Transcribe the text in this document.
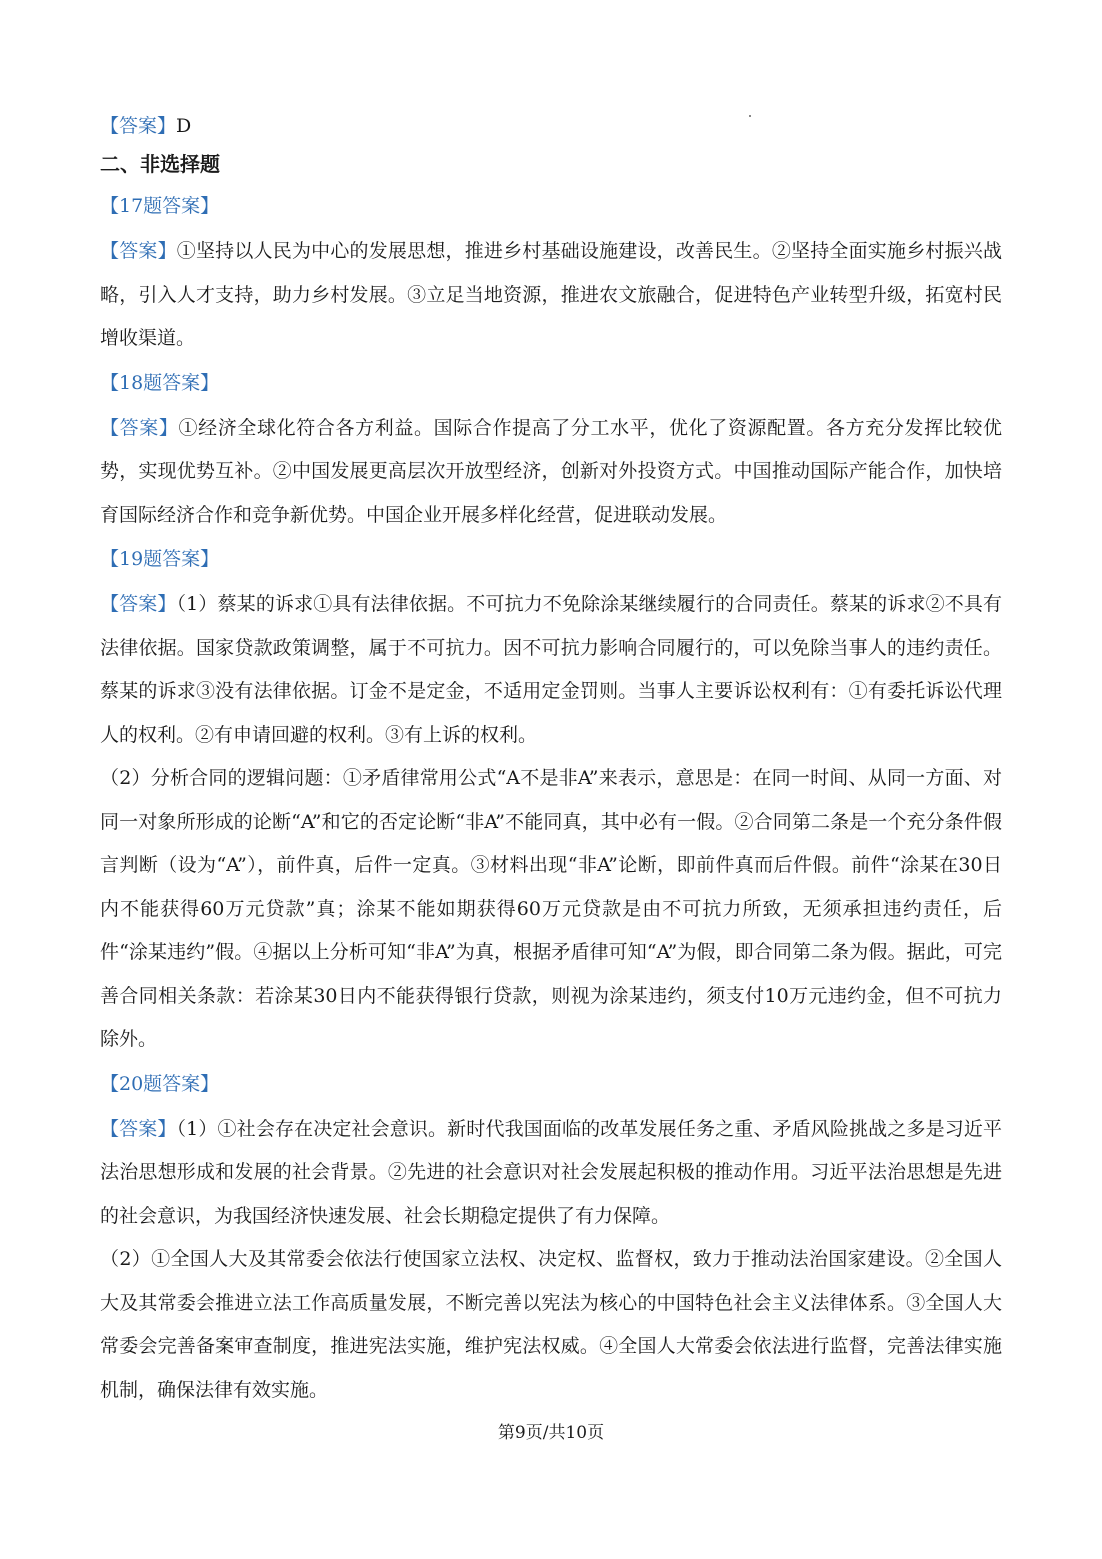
【答案】D

二、非选择题
【17题答案】

【答案】①坚持以人民为中心的发展思想，推进乡村基础设施建设，改善民生。②坚持全面实施乡村振兴战略，引入人才支持，助力乡村发展。③立足当地资源，推进农文旅融合，促进特色产业转型升级，拓宽村民增收渠道。

【18题答案】

【答案】①经济全球化符合各方利益。国际合作提高了分工水平，优化了资源配置。各方充分发挥比较优势，实现优势互补。②中国发展更高层次开放型经济，创新对外投资方式。中国推动国际产能合作，加快培育国际经济合作和竞争新优势。中国企业开展多样化经营，促进联动发展。

【19题答案】

【答案】（1）蔡某的诉求①具有法律依据。不可抗力不免除涂某继续履行的合同责任。蔡某的诉求②不具有法律依据。国家贷款政策调整，属于不可抗力。因不可抗力影响合同履行的，可以免除当事人的违约责任。蔡某的诉求③没有法律依据。订金不是定金，不适用定金罚则。当事人主要诉讼权利有：①有委托诉讼代理人的权利。②有申请回避的权利。③有上诉的权利。

（2）分析合同的逻辑问题：①矛盾律常用公式“A不是非A”来表示，意思是：在同一时间、从同一方面、对同一对象所形成的论断“A”和它的否定论断“非A”不能同真，其中必有一假。②合同第二条是一个充分条件假言判断（设为“A”），前件真，后件一定真。③材料出现“非A”论断，即前件真而后件假。前件“涂某在30日内不能获得60万元贷款”真；涂某不能如期获得60万元贷款是由不可抗力所致，无须承担违约责任，后件“涂某违约”假。④据以上分析可知“非A”为真，根据矛盾律可知“A”为假，即合同第二条为假。据此，可完善合同相关条款：若涂某30日内不能获得银行贷款，则视为涂某违约，须支付10万元违约金，但不可抗力除外。

【20题答案】

【答案】（1）①社会存在决定社会意识。新时代我国面临的改革发展任务之重、矛盾风险挑战之多是习近平法治思想形成和发展的社会背景。②先进的社会意识对社会发展起积极的推动作用。习近平法治思想是先进的社会意识，为我国经济快速发展、社会长期稳定提供了有力保障。

（2）①全国人大及其常委会依法行使国家立法权、决定权、监督权，致力于推动法治国家建设。②全国人大及其常委会推进立法工作高质量发展，不断完善以宪法为核心的中国特色社会主义法律体系。③全国人大常委会完善备案审查制度，推进宪法实施，维护宪法权威。④全国人大常委会依法进行监督，完善法律实施机制，确保法律有效实施。

第9页/共10页
